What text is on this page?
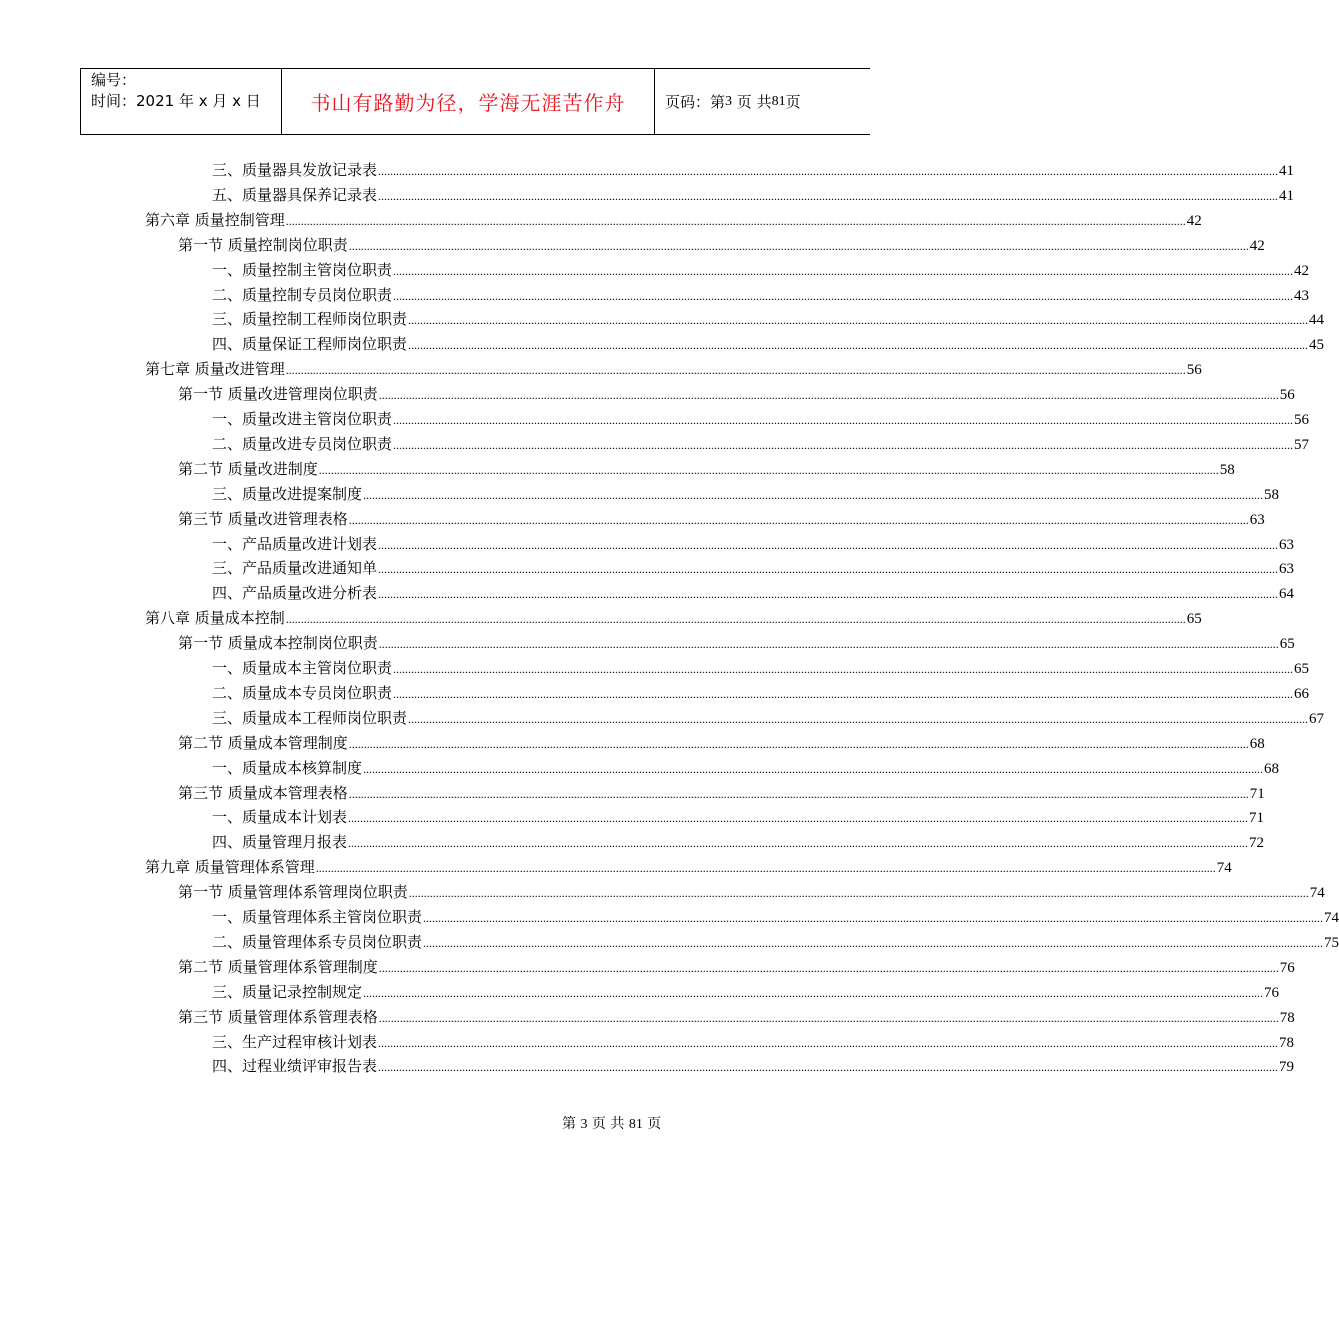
编号：
时间：2021 年 x 月 x 日	书山有路勤为径，学海无涯苦作舟	页码：第 3
页 共 81 页
三、质量器具发放记录表 ............................................................................................................................................................................................................................................................................................................ 41
五、质量器具保养记录表 ............................................................................................................................................................................................................................................................................................................ 41
第六章 质量控制管理 ............................................................................................................................................................................................................................................................................................................ 42
第一节 质量控制岗位职责 ............................................................................................................................................................................................................................................................................................................ 42
一、质量控制主管岗位职责 ............................................................................................................................................................................................................................................................................................................ 42
二、质量控制专员岗位职责 ............................................................................................................................................................................................................................................................................................................ 43
三、质量控制工程师岗位职责 ............................................................................................................................................................................................................................................................................................................ 44
四、质量保证工程师岗位职责 ............................................................................................................................................................................................................................................................................................................ 45
第七章 质量改进管理 ............................................................................................................................................................................................................................................................................................................ 56
第一节 质量改进管理岗位职责 ............................................................................................................................................................................................................................................................................................................ 56
一、质量改进主管岗位职责 ............................................................................................................................................................................................................................................................................................................ 56
二、质量改进专员岗位职责 ............................................................................................................................................................................................................................................................................................................ 57
第二节 质量改进制度 ............................................................................................................................................................................................................................................................................................................ 58
三、质量改进提案制度 ............................................................................................................................................................................................................................................................................................................ 58
第三节 质量改进管理表格 ............................................................................................................................................................................................................................................................................................................ 63
一、产品质量改进计划表 ............................................................................................................................................................................................................................................................................................................ 63
三、产品质量改进通知单 ............................................................................................................................................................................................................................................................................................................ 63
四、产品质量改进分析表 ............................................................................................................................................................................................................................................................................................................ 64
第八章 质量成本控制 ............................................................................................................................................................................................................................................................................................................ 65
第一节 质量成本控制岗位职责 ............................................................................................................................................................................................................................................................................................................ 65
一、质量成本主管岗位职责 ............................................................................................................................................................................................................................................................................................................ 65
二、质量成本专员岗位职责 ............................................................................................................................................................................................................................................................................................................ 66
三、质量成本工程师岗位职责 ............................................................................................................................................................................................................................................................................................................ 67
第二节 质量成本管理制度 ............................................................................................................................................................................................................................................................................................................ 68
一、质量成本核算制度 ............................................................................................................................................................................................................................................................................................................ 68
第三节 质量成本管理表格 ............................................................................................................................................................................................................................................................................................................ 71
一、质量成本计划表 ............................................................................................................................................................................................................................................................................................................ 71
四、质量管理月报表 ............................................................................................................................................................................................................................................................................................................ 72
第九章 质量管理体系管理 ............................................................................................................................................................................................................................................................................................................ 74
第一节 质量管理体系管理岗位职责 ............................................................................................................................................................................................................................................................................................................ 74
一、质量管理体系主管岗位职责 ............................................................................................................................................................................................................................................................................................................ 74
二、质量管理体系专员岗位职责 ............................................................................................................................................................................................................................................................................................................ 75
第二节 质量管理体系管理制度 ............................................................................................................................................................................................................................................................................................................ 76
三、质量记录控制规定 ............................................................................................................................................................................................................................................................................................................ 76
第三节 质量管理体系管理表格 ............................................................................................................................................................................................................................................................................................................ 78
三、生产过程审核计划表 ............................................................................................................................................................................................................................................................................................................ 78
四、过程业绩评审报告表 ............................................................................................................................................................................................................................................................................................................ 79
第 3 页 共 81 页
